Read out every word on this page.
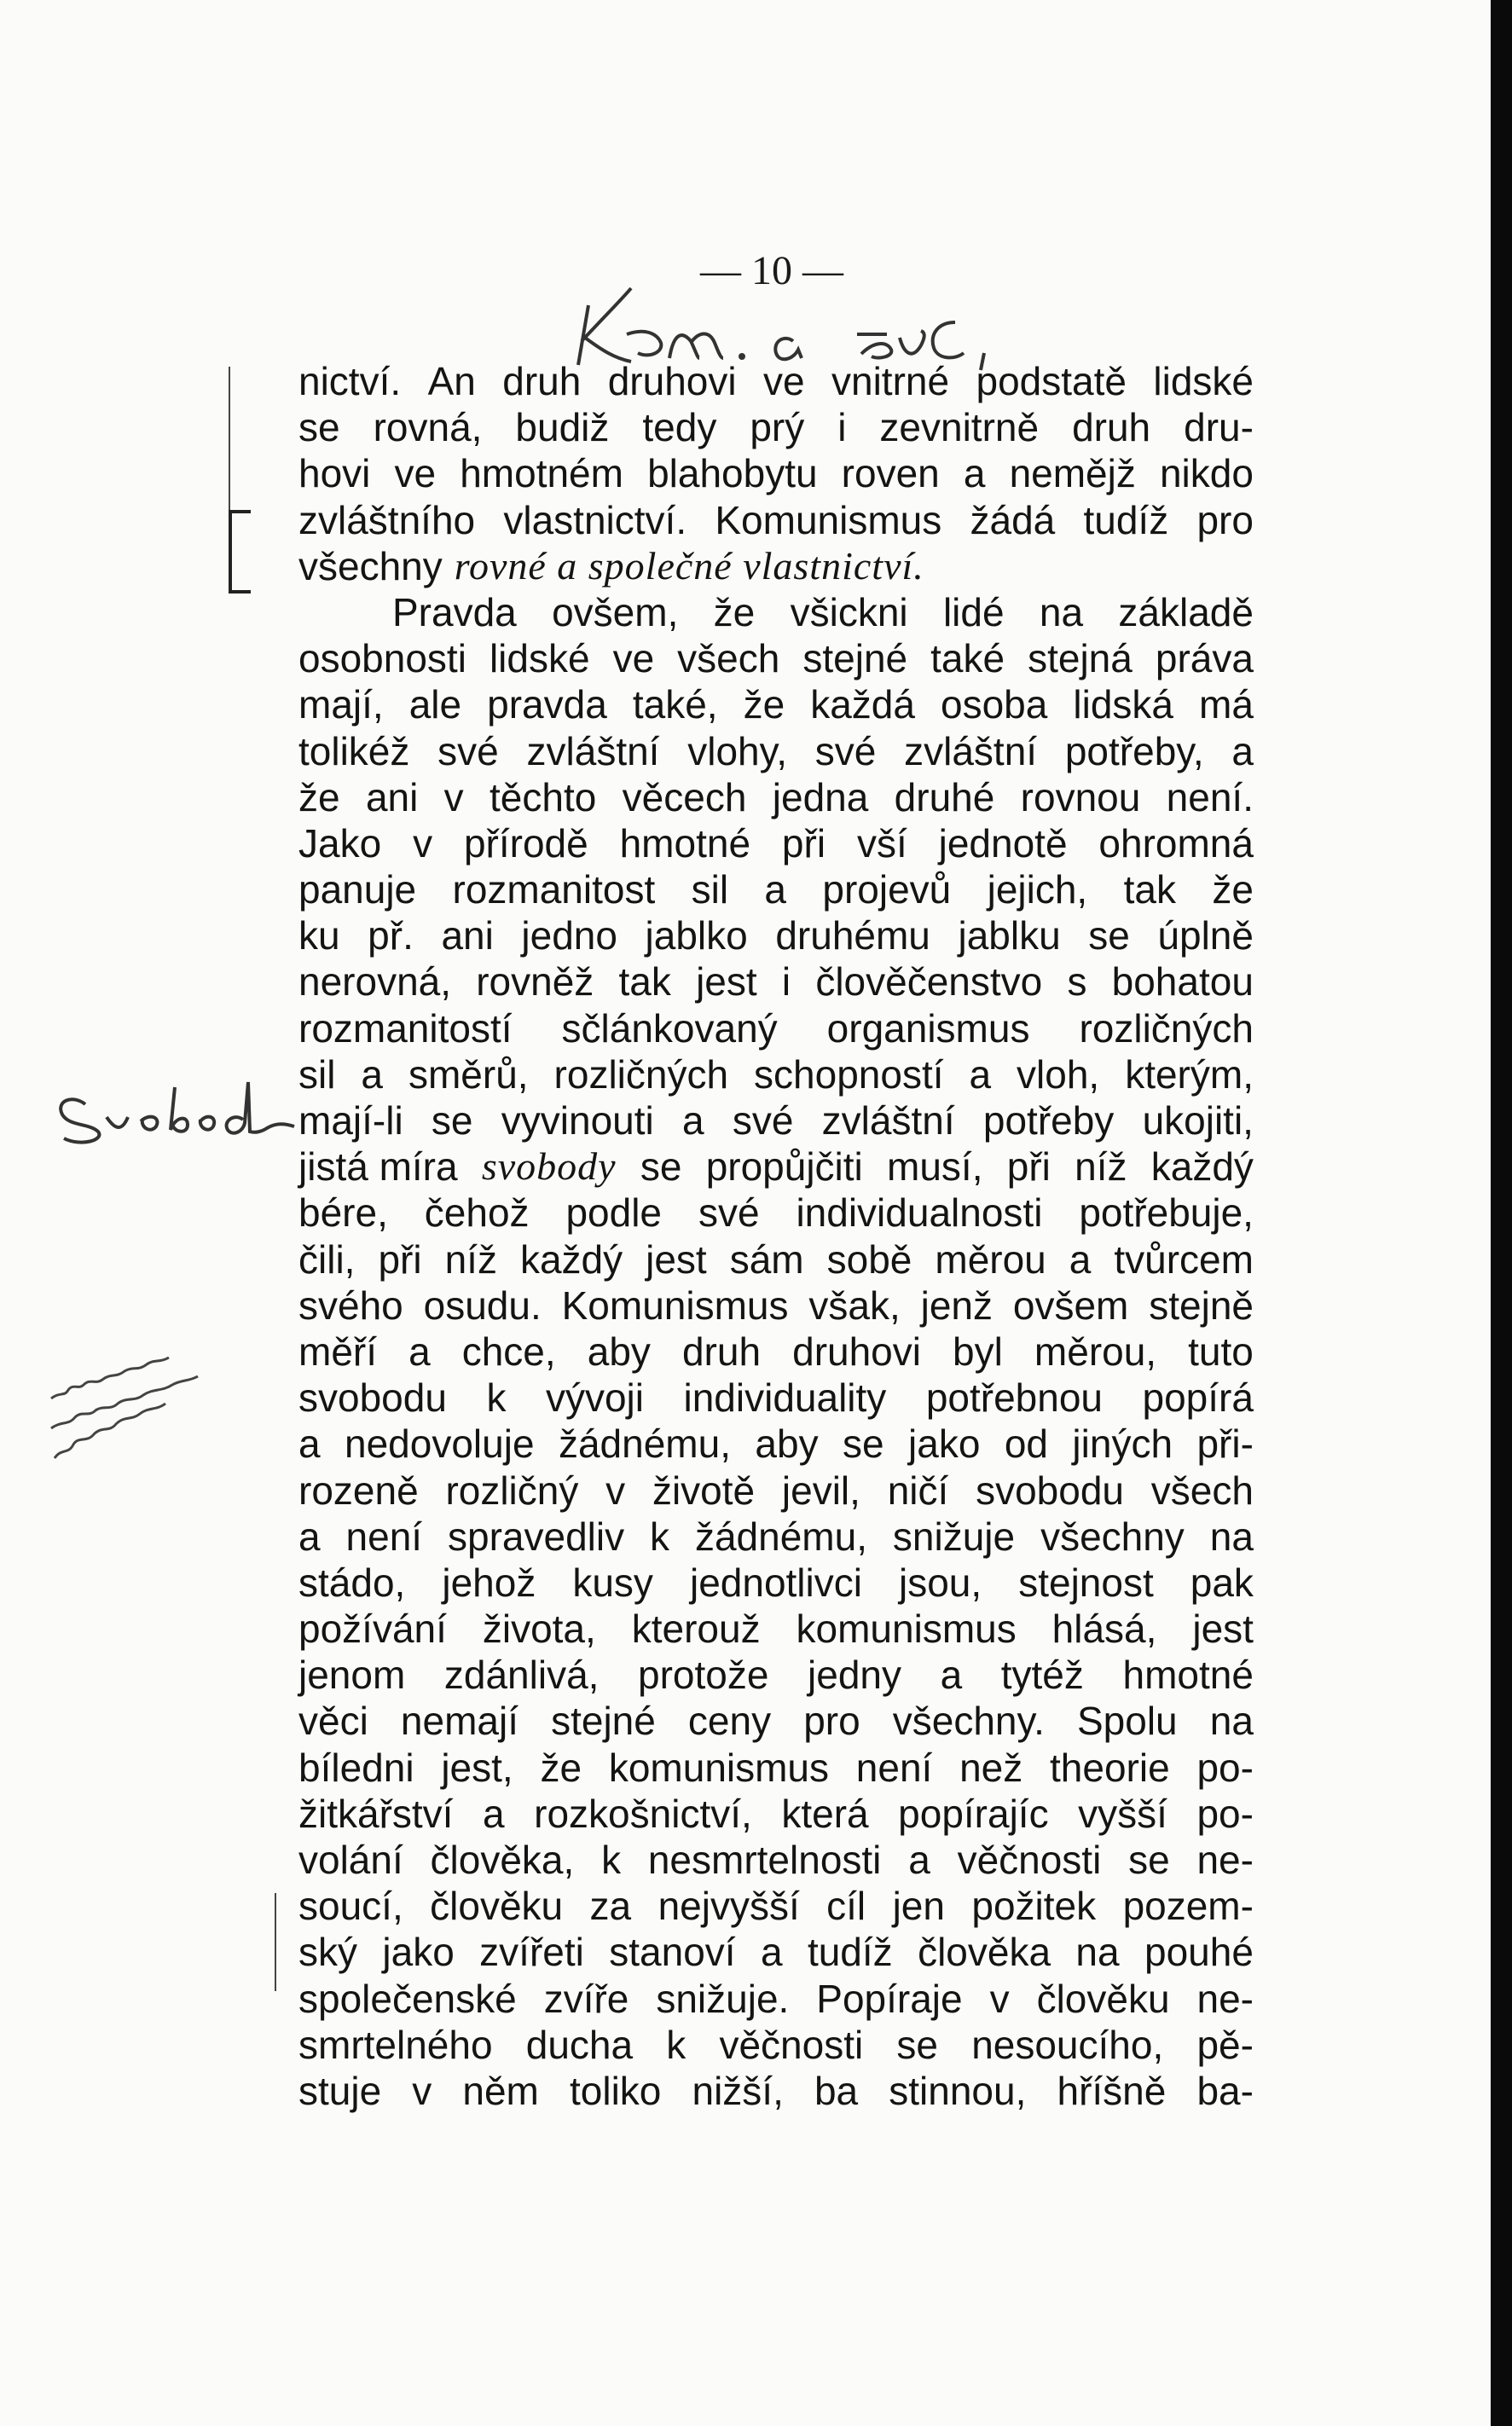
— 10 —
nictví. An druh druhovi ve vnitrné podstatě lidské
se rovná, budiž tedy prý i zevnitrně druh dru-
hovi ve hmotném blahobytu roven a nemějž nikdo
zvláštního vlastnictví. Komunismus žádá tudíž pro
všechny rovné a společné vlastnictví.
Pravda ovšem, že všickni lidé na základě
osobnosti lidské ve všech stejné také stejná práva
mají, ale pravda také, že každá osoba lidská má
tolikéž své zvláštní vlohy, své zvláštní potřeby, a
že ani v těchto věcech jedna druhé rovnou není.
Jako v přírodě hmotné při vší jednotě ohromná
panuje rozmanitost sil a projevů jejich, tak že
ku př. ani jedno jablko druhému jablku se úplně
nerovná, rovněž tak jest i člověčenstvo s bohatou
rozmanitostí sčlánkovaný organismus rozličných
sil a směrů, rozličných schopností a vloh, kterým,
mají-li se vyvinouti a své zvláštní potřeby ukojiti,
jistá míra svobody se propůjčiti musí, při níž každý
bére, čehož podle své individualnosti potřebuje,
čili, při níž každý jest sám sobě měrou a tvůrcem
svého osudu. Komunismus však, jenž ovšem stejně
měří a chce, aby druh druhovi byl měrou, tuto
svobodu k vývoji individuality potřebnou popírá
a nedovoluje žádnému, aby se jako od jiných při-
rozeně rozličný v životě jevil, ničí svobodu všech
a není spravedliv k žádnému, snižuje všechny na
stádo, jehož kusy jednotlivci jsou, stejnost pak
požívání života, kterouž komunismus hlásá, jest
jenom zdánlivá, protože jedny a tytéž hmotné
věci nemají stejné ceny pro všechny. Spolu na
bíledni jest, že komunismus není než theorie po-
žitkářství a rozkošnictví, která popírajíc vyšší po-
volání člověka, k nesmrtelnosti a věčnosti se ne-
soucí, člověku za nejvyšší cíl jen požitek pozem-
ský jako zvířeti stanoví a tudíž člověka na pouhé
společenské zvíře snižuje. Popíraje v člověku ne-
smrtelného ducha k věčnosti se nesoucího, pě-
stuje v něm toliko nižší, ba stinnou, hříšně ba-
